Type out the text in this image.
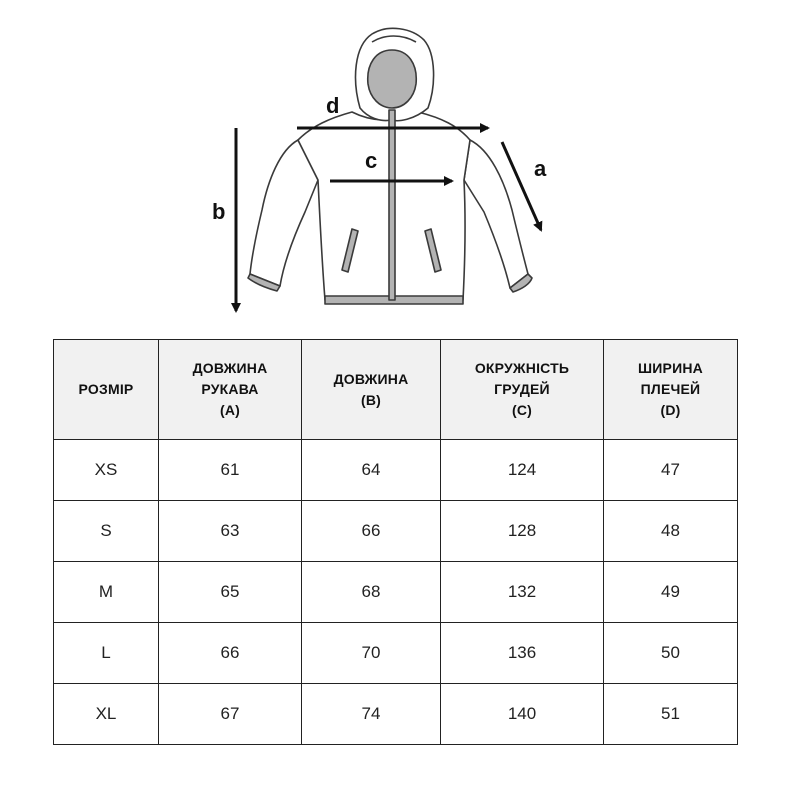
a
b
c
d
РОЗМІР	ДОВЖИНА
РУКАВА
(A)	ДОВЖИНА
(B)	ОКРУЖНІСТЬ
ГРУДЕЙ
(C)	ШИРИНА
ПЛЕЧЕЙ
(D)

XS	61	64	124	47
S	63	66	128	48
M	65	68	132	49
L	66	70	136	50
XL	67	74	140	51
